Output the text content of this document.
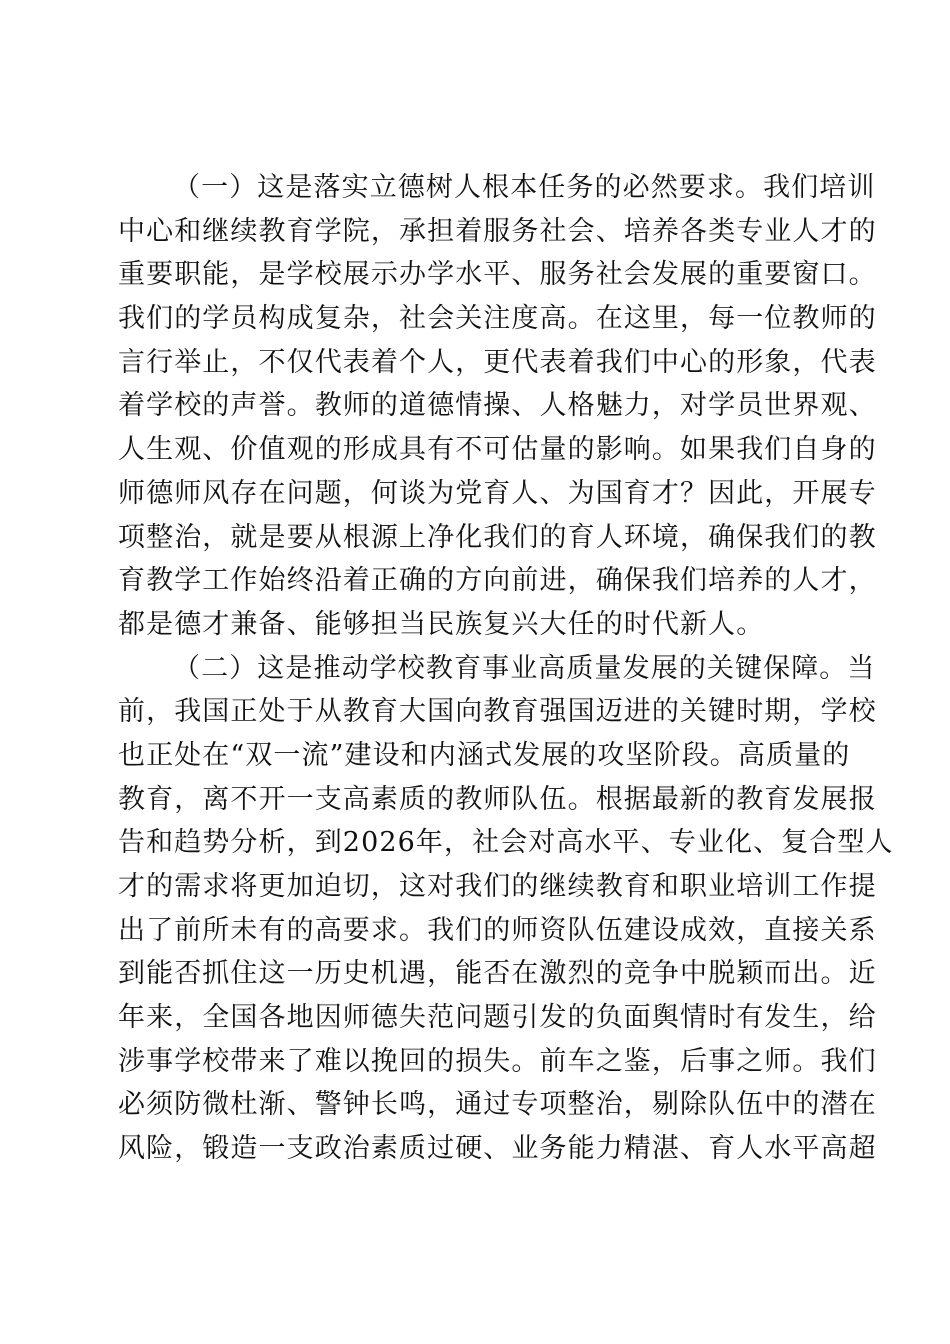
（一）这是落实立德树人根本任务的必然要求。我们培训
中心和继续教育学院，承担着服务社会、培养各类专业人才的
重要职能，是学校展示办学水平、服务社会发展的重要窗口。
我们的学员构成复杂，社会关注度高。在这里，每一位教师的
言行举止，不仅代表着个人，更代表着我们中心的形象，代表
着学校的声誉。教师的道德情操、人格魅力，对学员世界观、
人生观、价值观的形成具有不可估量的影响。如果我们自身的
师德师风存在问题，何谈为党育人、为国育才？因此，开展专
项整治，就是要从根源上净化我们的育人环境，确保我们的教
育教学工作始终沿着正确的方向前进，确保我们培养的人才，
都是德才兼备、能够担当民族复兴大任的时代新人。
（二）这是推动学校教育事业高质量发展的关键保障。当
前，我国正处于从教育大国向教育强国迈进的关键时期，学校
也正处在“双一流”建设和内涵式发展的攻坚阶段。高质量的
教育，离不开一支高素质的教师队伍。根据最新的教育发展报
告和趋势分析，到2026年，社会对高水平、专业化、复合型人
才的需求将更加迫切，这对我们的继续教育和职业培训工作提
出了前所未有的高要求。我们的师资队伍建设成效，直接关系
到能否抓住这一历史机遇，能否在激烈的竞争中脱颖而出。近
年来，全国各地因师德失范问题引发的负面舆情时有发生，给
涉事学校带来了难以挽回的损失。前车之鉴，后事之师。我们
必须防微杜渐、警钟长鸣，通过专项整治，剔除队伍中的潜在
风险，锻造一支政治素质过硬、业务能力精湛、育人水平高超
